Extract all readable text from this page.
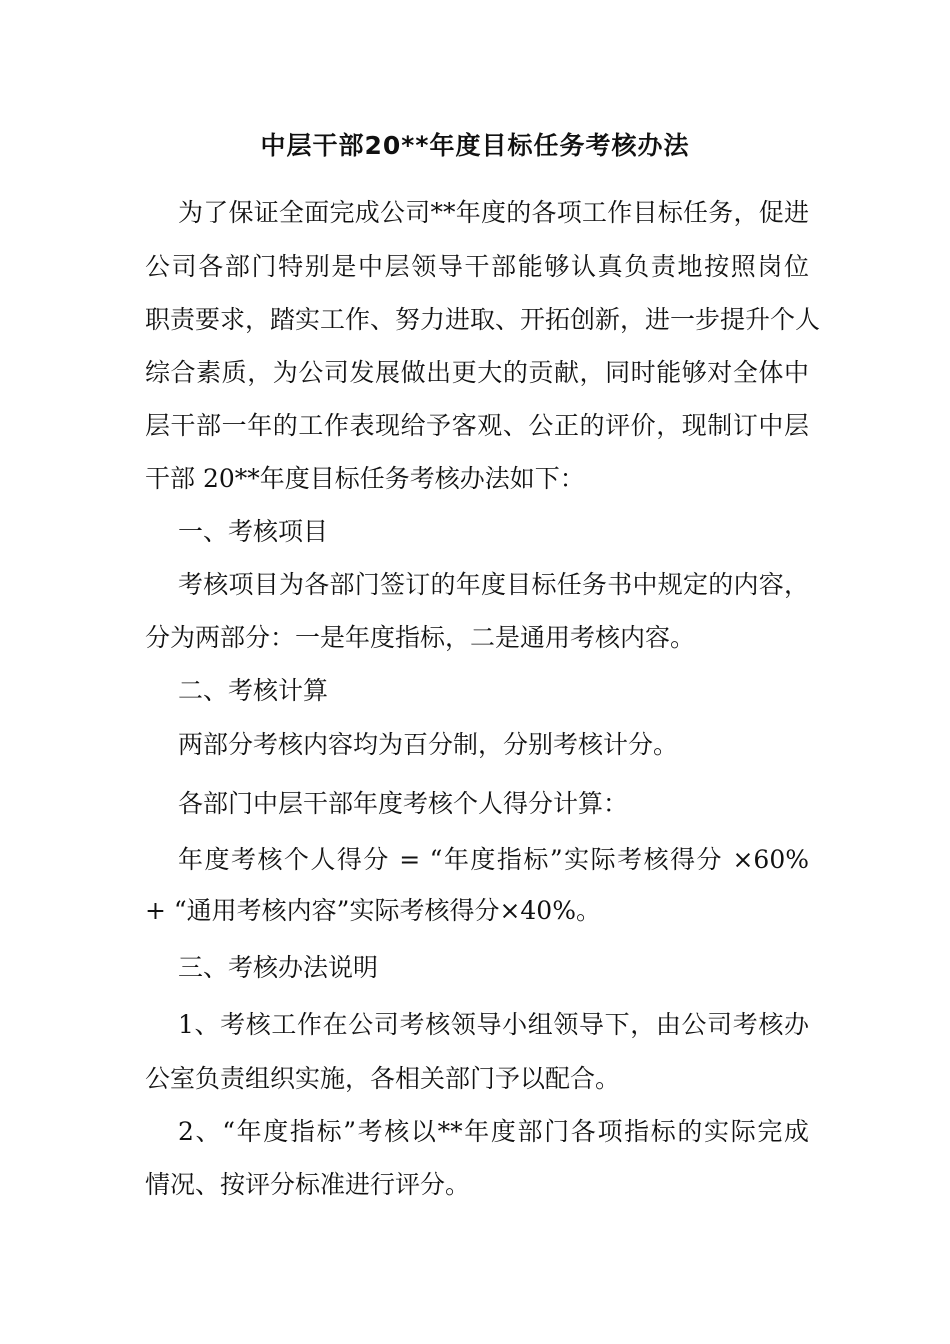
中层干部20**年度目标任务考核办法
为了保证全面完成公司**年度的各项工作目标任务，促进
公司各部门特别是中层领导干部能够认真负责地按照岗位
职责要求，踏实工作、努力进取、开拓创新，进一步提升个人
综合素质，为公司发展做出更大的贡献，同时能够对全体中
层干部一年的工作表现给予客观、公正的评价，现制订中层
干部 20**年度目标任务考核办法如下：
一、考核项目
考核项目为各部门签订的年度目标任务书中规定的内容，
分为两部分：一是年度指标，二是通用考核内容。
二、考核计算
两部分考核内容均为百分制，分别考核计分。
各部门中层干部年度考核个人得分计算：
年度考核个人得分 = “年度指标”实际考核得分 ×60%
+ “通用考核内容”实际考核得分×40%。
三、考核办法说明
1、考核工作在公司考核领导小组领导下，由公司考核办
公室负责组织实施，各相关部门予以配合。
2、“年度指标”考核以**年度部门各项指标的实际完成
情况、按评分标准进行评分。
